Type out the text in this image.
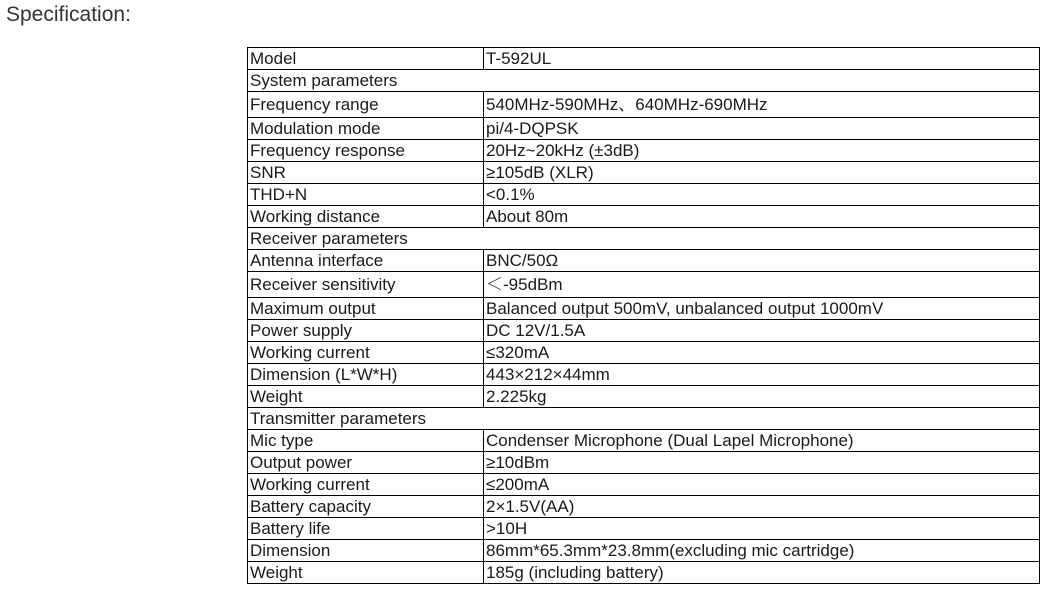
Specification:
Model	T-592UL
System parameters	
Frequency range	540MHz-590MHz、640MHz-690MHz
Modulation mode	pi/4-DQPSK
Frequency response	20Hz~20kHz (±3dB)
SNR	≥105dB (XLR)
THD+N	<0.1%
Working distance	About 80m
Receiver parameters	
Antenna interface	BNC/50Ω
Receiver sensitivity	＜-95dBm
Maximum output	Balanced output 500mV, unbalanced output 1000mV
Power supply	DC 12V/1.5A
Working current	≤320mA
Dimension (L*W*H)	443×212×44mm
Weight	2.225kg
Transmitter parameters	
Mic type	Condenser Microphone (Dual Lapel Microphone)
Output power	≥10dBm
Working current	≤200mA
Battery capacity	2×1.5V(AA)
Battery life	>10H
Dimension	86mm*65.3mm*23.8mm(excluding mic cartridge)
Weight	185g (including battery)
